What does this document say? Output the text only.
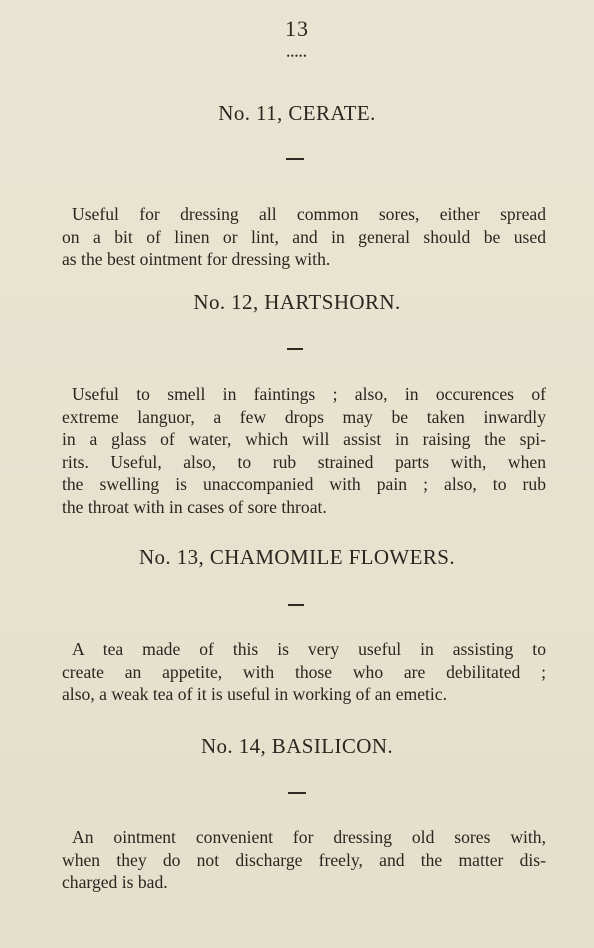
13
•••••
No. 11, CERATE.

Useful for dressing all common sores, either spread
on a bit of linen or lint, and in general should be used
as the best ointment for dressing with.

No. 12, HARTSHORN.

Useful to smell in faintings ; also, in occurences of
extreme languor, a few drops may be taken inwardly
in a glass of water, which will assist in raising the spi-
rits. Useful, also, to rub strained parts with, when
the swelling is unaccompanied with pain ; also, to rub
the throat with in cases of sore throat.

No. 13, CHAMOMILE FLOWERS.

A tea made of this is very useful in assisting to
create an appetite, with those who are debilitated ;
also, a weak tea of it is useful in working of an emetic.

No. 14, BASILICON.

An ointment convenient for dressing old sores with,
when they do not discharge freely, and the matter dis-
charged is bad.
